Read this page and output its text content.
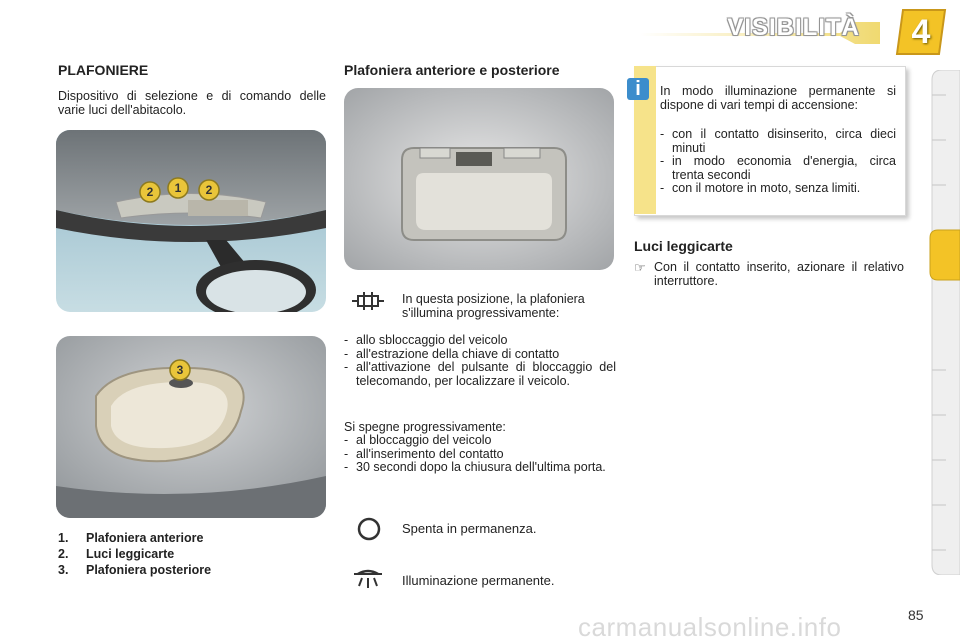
VISIBILITÀ	4
PLAFONIERE
Dispositivo di selezione e di comando delle varie luci dell'abitacolo.
2	1	2
3
1. Plafoniera anteriore
2. Luci leggicarte
3. Plafoniera posteriore
Plafoniera anteriore e posteriore
In questa posizione, la plafoniera s'illumina progressivamente:
- allo sbloccaggio del veicolo
- all'estrazione della chiave di contatto
- all'attivazione del pulsante di bloccaggio del telecomando, per localizzare il veicolo.
Si spegne progressivamente:
- al bloccaggio del veicolo
- all'inserimento del contatto
- 30 secondi dopo la chiusura dell'ultima porta.
Spenta in permanenza.
Illuminazione permanente.
i	In modo illuminazione permanente si dispone di vari tempi di accensione:
- con il contatto disinserito, circa dieci minuti
- in modo economia d'energia, circa trenta secondi
- con il motore in moto, senza limiti.
Luci leggicarte
☞ Con il contatto inserito, azionare il relativo interruttore.
85
carmanualsonline.info
